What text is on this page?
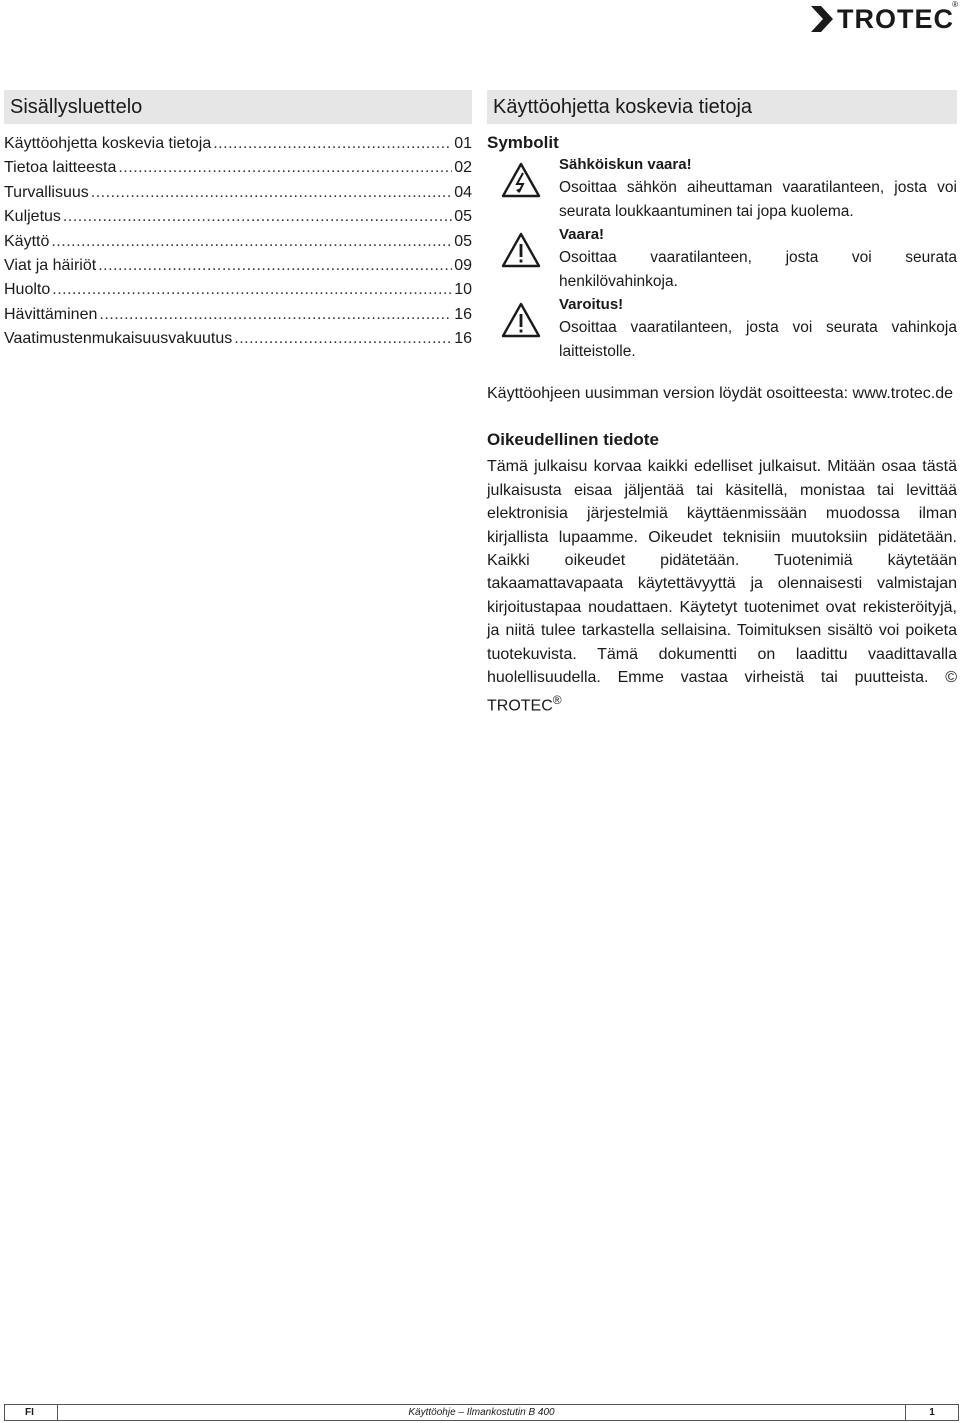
TROTEC
®
Sisällysluettelo
Käyttöohjetta koskevia tietoja .....	01
Tietoa laitteesta .....	02
Turvallisuus .....	04
Kuljetus .....	05
Käyttö .....	05
Viat ja häiriöt .....	09
Huolto .....	10
Hävittäminen .....	16
Vaatimustenmukaisuusvakuutus .....	16
Käyttöohjetta koskevia tietoja
Symbolit
Sähköiskun vaara!
Osoittaa sähkön aiheuttaman vaaratilanteen, josta voi seurata loukkaantuminen tai jopa kuolema.
Vaara!
Osoittaa vaaratilanteen, josta voi seurata henkilövahinkoja.
Varoitus!
Osoittaa vaaratilanteen, josta voi seurata vahinkoja laitteistolle.

Käyttöohjeen uusimman version löydät osoitteesta: www.trotec.de

Oikeudellinen tiedote

Tämä julkaisu korvaa kaikki edelliset julkaisut. Mitään osaa tästä julkaisusta eisaa jäljentää tai käsitellä, monistaa tai levittää elektronisia järjestelmiä käyttäenmissään muodossa ilman kirjallista lupaamme. Oikeudet teknisiin muutoksiin pidätetään. Kaikki oikeudet pidätetään. Tuotenimiä käytetään takaamattavapaata käytettävyyttä ja olennaisesti valmistajan kirjoitustapaa noudattaen. Käytetyt tuotenimet ovat rekisteröityjä, ja niitä tulee tarkastella sellaisina. Toimituksen sisältö voi poiketa tuotekuvista. Tämä dokumentti on laadittu vaadittavalla huolellisuudella. Emme vastaa virheistä tai puutteista. © TROTEC®

FI	Käyttöohje – Ilmankostutin B 400	1
